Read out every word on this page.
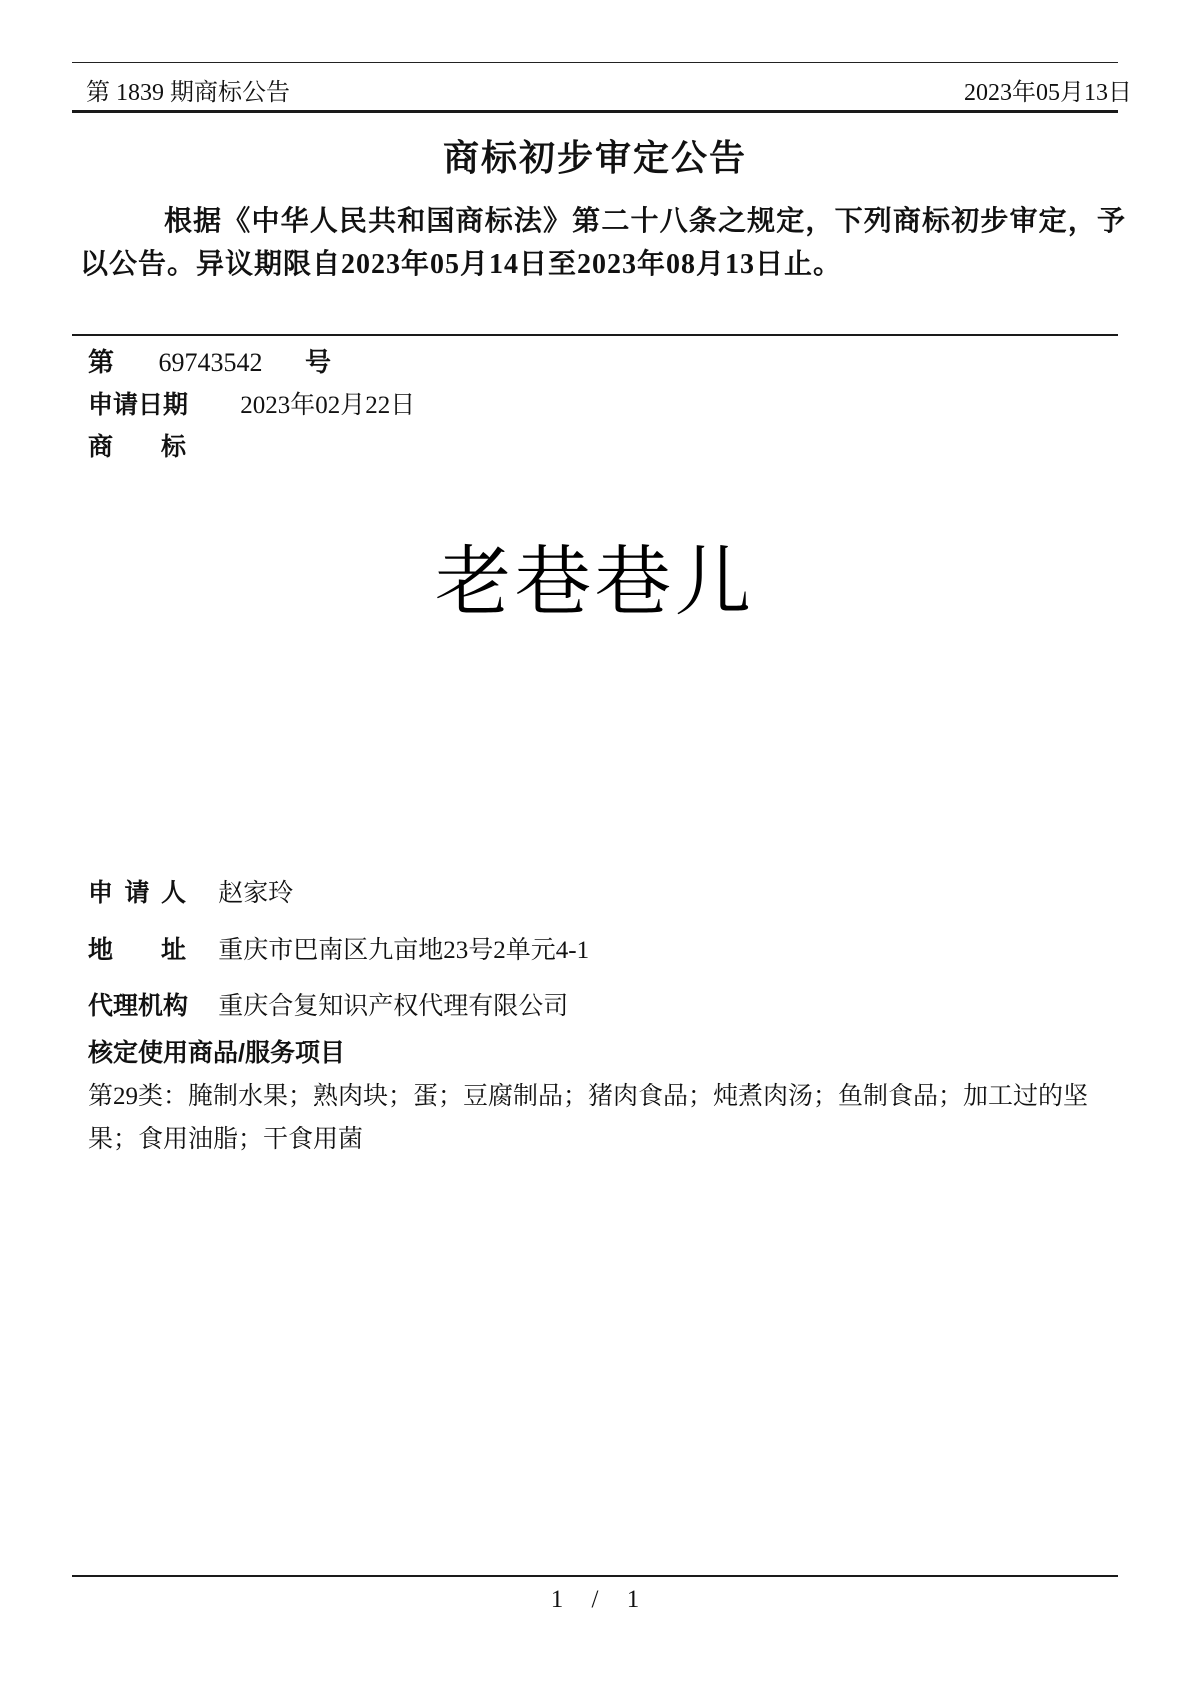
第 1839 期商标公告	2023年05月13日
商标初步审定公告
根据《中华人民共和国商标法》第二十八条之规定，下列商标初步审定，予以公告。异议期限自2023年05月14日至2023年08月13日止。
第 69743542 号
申请日期 2023年02月22日
商 标
老巷巷儿
申 请 人 赵家玲
地 址 重庆市巴南区九亩地23号2单元4-1
代理机构 重庆合复知识产权代理有限公司
核定使用商品/服务项目
第29类：腌制水果；熟肉块；蛋；豆腐制品；猪肉食品；炖煮肉汤；鱼制食品；加工过的坚果；食用油脂；干食用菌
1 / 1
